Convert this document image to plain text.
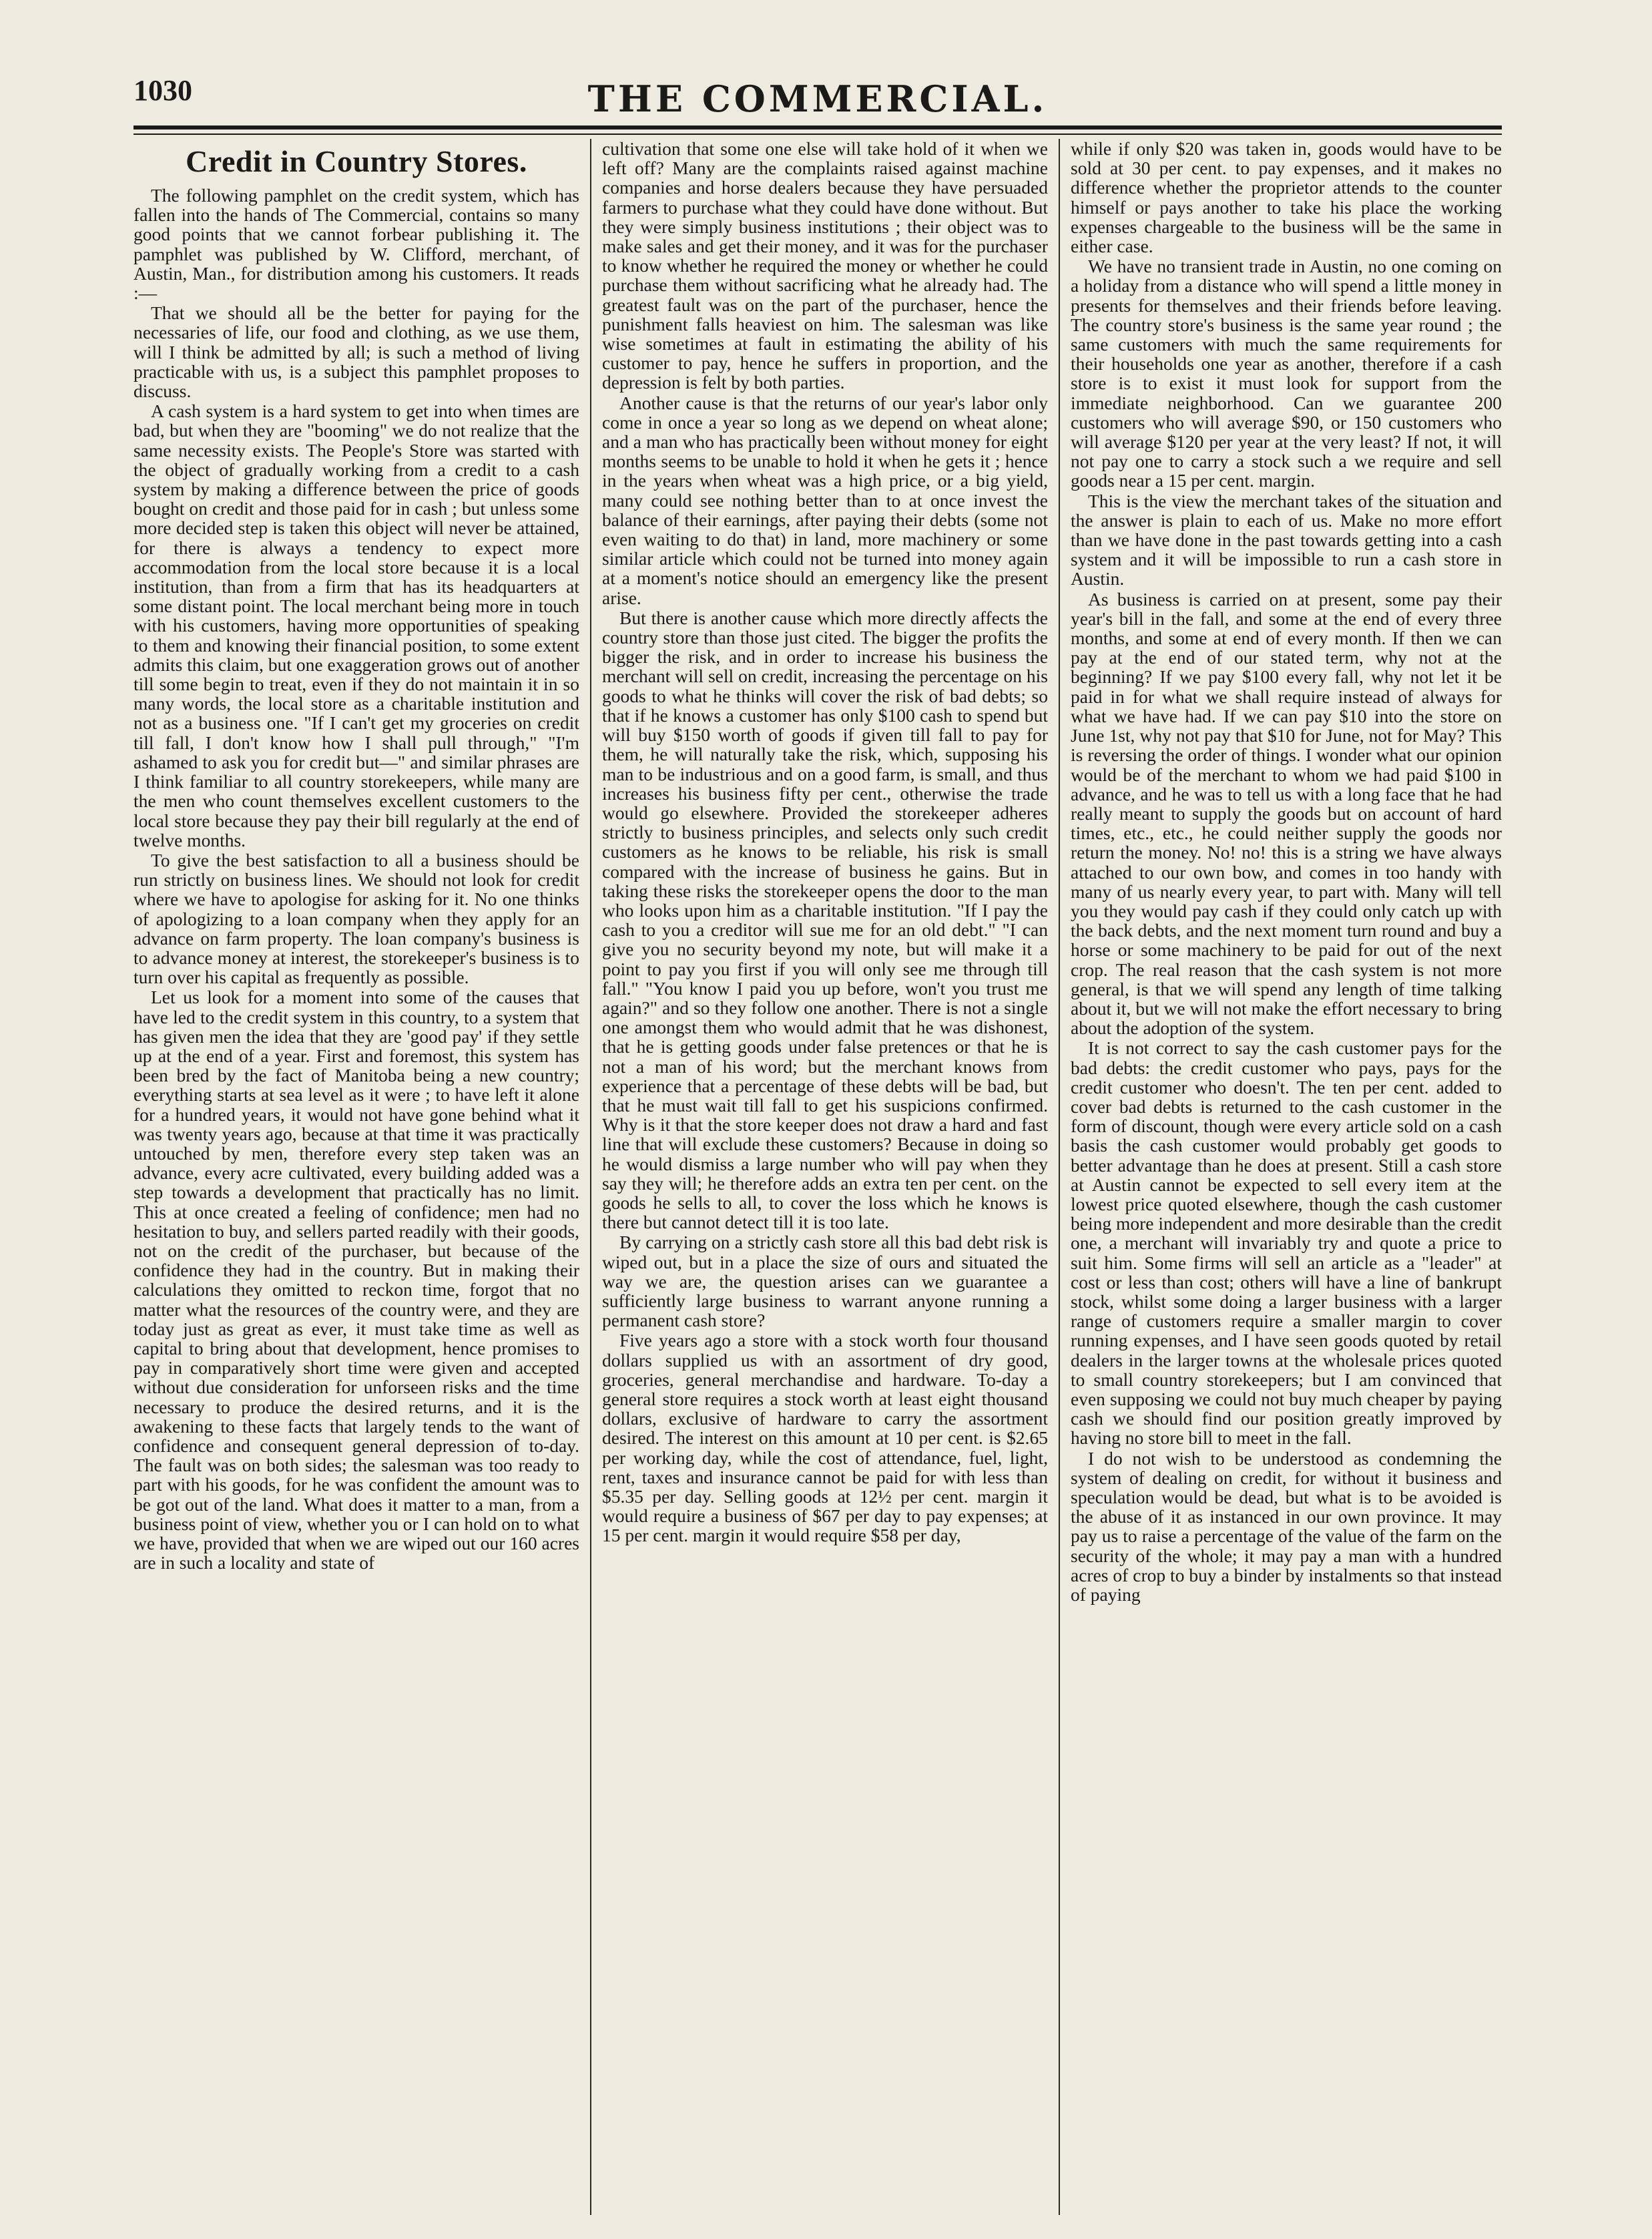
1030	THE COMMERCIAL.
Credit in Country Stores.

The following pamphlet on the credit system, which has fallen into the hands of The Commercial, contains so many good points that we cannot forbear publishing it. The pamphlet was published by W. Clifford, merchant, of Austin, Man., for distribution among his customers. It reads :—

That we should all be the better for paying for the necessaries of life, our food and clothing, as we use them, will I think be admitted by all; is such a method of living practicable with us, is a subject this pamphlet proposes to discuss.

A cash system is a hard system to get into when times are bad, but when they are "booming" we do not realize that the same necessity exists. The People's Store was started with the object of gradually working from a credit to a cash system by making a difference between the price of goods bought on credit and those paid for in cash ; but unless some more decided step is taken this object will never be attained, for there is always a tendency to expect more accommodation from the local store because it is a local institution, than from a firm that has its headquarters at some distant point. The local merchant being more in touch with his customers, having more opportunities of speaking to them and knowing their financial position, to some extent admits this claim, but one exaggeration grows out of another till some begin to treat, even if they do not maintain it in so many words, the local store as a charitable institution and not as a business one. "If I can't get my groceries on credit till fall, I don't know how I shall pull through," "I'm ashamed to ask you for credit but—" and similar phrases are I think familiar to all country storekeepers, while many are the men who count themselves excellent customers to the local store because they pay their bill regularly at the end of twelve months.

To give the best satisfaction to all a business should be run strictly on business lines. We should not look for credit where we have to apologise for asking for it. No one thinks of apologizing to a loan company when they apply for an advance on farm property. The loan company's business is to advance money at interest, the storekeeper's business is to turn over his capital as frequently as possible.

Let us look for a moment into some of the causes that have led to the credit system in this country, to a system that has given men the idea that they are 'good pay' if they settle up at the end of a year. First and foremost, this system has been bred by the fact of Manitoba being a new country; everything starts at sea level as it were ; to have left it alone for a hundred years, it would not have gone behind what it was twenty years ago, because at that time it was practically untouched by men, therefore every step taken was an advance, every acre cultivated, every building added was a step towards a development that practically has no limit. This at once created a feeling of confidence; men had no hesitation to buy, and sellers parted readily with their goods, not on the credit of the purchaser, but because of the confidence they had in the country. But in making their calculations they omitted to reckon time, forgot that no matter what the resources of the country were, and they are today just as great as ever, it must take time as well as capital to bring about that development, hence promises to pay in comparatively short time were given and accepted without due consideration for unforseen risks and the time necessary to produce the desired returns, and it is the awakening to these facts that largely tends to the want of confidence and consequent general depression of to-day. The fault was on both sides; the salesman was too ready to part with his goods, for he was confident the amount was to be got out of the land. What does it matter to a man, from a business point of view, whether you or I can hold on to what we have, provided that when we are wiped out our 160 acres are in such a locality and state of

cultivation that some one else will take hold of it when we left off? Many are the complaints raised against machine companies and horse dealers because they have persuaded farmers to purchase what they could have done without. But they were simply business institutions ; their object was to make sales and get their money, and it was for the purchaser to know whether he required the money or whether he could purchase them without sacrificing what he already had. The greatest fault was on the part of the purchaser, hence the punishment falls heaviest on him. The salesman was like wise sometimes at fault in estimating the ability of his customer to pay, hence he suffers in proportion, and the depression is felt by both parties.

Another cause is that the returns of our year's labor only come in once a year so long as we depend on wheat alone; and a man who has practically been without money for eight months seems to be unable to hold it when he gets it ; hence in the years when wheat was a high price, or a big yield, many could see nothing better than to at once invest the balance of their earnings, after paying their debts (some not even waiting to do that) in land, more machinery or some similar article which could not be turned into money again at a moment's notice should an emergency like the present arise.

But there is another cause which more directly affects the country store than those just cited. The bigger the profits the bigger the risk, and in order to increase his business the merchant will sell on credit, increasing the percentage on his goods to what he thinks will cover the risk of bad debts; so that if he knows a customer has only $100 cash to spend but will buy $150 worth of goods if given till fall to pay for them, he will naturally take the risk, which, supposing his man to be industrious and on a good farm, is small, and thus increases his business fifty per cent., otherwise the trade would go elsewhere. Provided the storekeeper adheres strictly to business principles, and selects only such credit customers as he knows to be reliable, his risk is small compared with the increase of business he gains. But in taking these risks the storekeeper opens the door to the man who looks upon him as a charitable institution. "If I pay the cash to you a creditor will sue me for an old debt." "I can give you no security beyond my note, but will make it a point to pay you first if you will only see me through till fall." "You know I paid you up before, won't you trust me again?" and so they follow one another. There is not a single one amongst them who would admit that he was dishonest, that he is getting goods under false pretences or that he is not a man of his word; but the merchant knows from experience that a percentage of these debts will be bad, but that he must wait till fall to get his suspicions confirmed. Why is it that the store keeper does not draw a hard and fast line that will exclude these customers? Because in doing so he would dismiss a large number who will pay when they say they will; he therefore adds an extra ten per cent. on the goods he sells to all, to cover the loss which he knows is there but cannot detect till it is too late.

By carrying on a strictly cash store all this bad debt risk is wiped out, but in a place the size of ours and situated the way we are, the question arises can we guarantee a sufficiently large business to warrant anyone running a permanent cash store?

Five years ago a store with a stock worth four thousand dollars supplied us with an assortment of dry good, groceries, general merchandise and hardware. To-day a general store requires a stock worth at least eight thousand dollars, exclusive of hardware to carry the assortment desired. The interest on this amount at 10 per cent. is $2.65 per working day, while the cost of attendance, fuel, light, rent, taxes and insurance cannot be paid for with less than $5.35 per day. Selling goods at 12½ per cent. margin it would require a business of $67 per day to pay expenses; at 15 per cent. margin it would require $58 per day,

while if only $20 was taken in, goods would have to be sold at 30 per cent. to pay expenses, and it makes no difference whether the proprietor attends to the counter himself or pays another to take his place the working expenses chargeable to the business will be the same in either case.

We have no transient trade in Austin, no one coming on a holiday from a distance who will spend a little money in presents for themselves and their friends before leaving. The country store's business is the same year round ; the same customers with much the same requirements for their households one year as another, therefore if a cash store is to exist it must look for support from the immediate neighborhood. Can we guarantee 200 customers who will average $90, or 150 customers who will average $120 per year at the very least? If not, it will not pay one to carry a stock such a we require and sell goods near a 15 per cent. margin.

This is the view the merchant takes of the situation and the answer is plain to each of us. Make no more effort than we have done in the past towards getting into a cash system and it will be impossible to run a cash store in Austin.

As business is carried on at present, some pay their year's bill in the fall, and some at the end of every three months, and some at end of every month. If then we can pay at the end of our stated term, why not at the beginning? If we pay $100 every fall, why not let it be paid in for what we shall require instead of always for what we have had. If we can pay $10 into the store on June 1st, why not pay that $10 for June, not for May? This is reversing the order of things. I wonder what our opinion would be of the merchant to whom we had paid $100 in advance, and he was to tell us with a long face that he had really meant to supply the goods but on account of hard times, etc., etc., he could neither supply the goods nor return the money. No! no! this is a string we have always attached to our own bow, and comes in too handy with many of us nearly every year, to part with. Many will tell you they would pay cash if they could only catch up with the back debts, and the next moment turn round and buy a horse or some machinery to be paid for out of the next crop. The real reason that the cash system is not more general, is that we will spend any length of time talking about it, but we will not make the effort necessary to bring about the adoption of the system.

It is not correct to say the cash customer pays for the bad debts: the credit customer who pays, pays for the credit customer who doesn't. The ten per cent. added to cover bad debts is returned to the cash customer in the form of discount, though were every article sold on a cash basis the cash customer would probably get goods to better advantage than he does at present. Still a cash store at Austin cannot be expected to sell every item at the lowest price quoted elsewhere, though the cash customer being more independent and more desirable than the credit one, a merchant will invariably try and quote a price to suit him. Some firms will sell an article as a "leader" at cost or less than cost; others will have a line of bankrupt stock, whilst some doing a larger business with a larger range of customers require a smaller margin to cover running expenses, and I have seen goods quoted by retail dealers in the larger towns at the wholesale prices quoted to small country storekeepers; but I am convinced that even supposing we could not buy much cheaper by paying cash we should find our position greatly improved by having no store bill to meet in the fall.

I do not wish to be understood as condemning the system of dealing on credit, for without it business and speculation would be dead, but what is to be avoided is the abuse of it as instanced in our own province. It may pay us to raise a percentage of the value of the farm on the security of the whole; it may pay a man with a hundred acres of crop to buy a binder by instalments so that instead of paying
